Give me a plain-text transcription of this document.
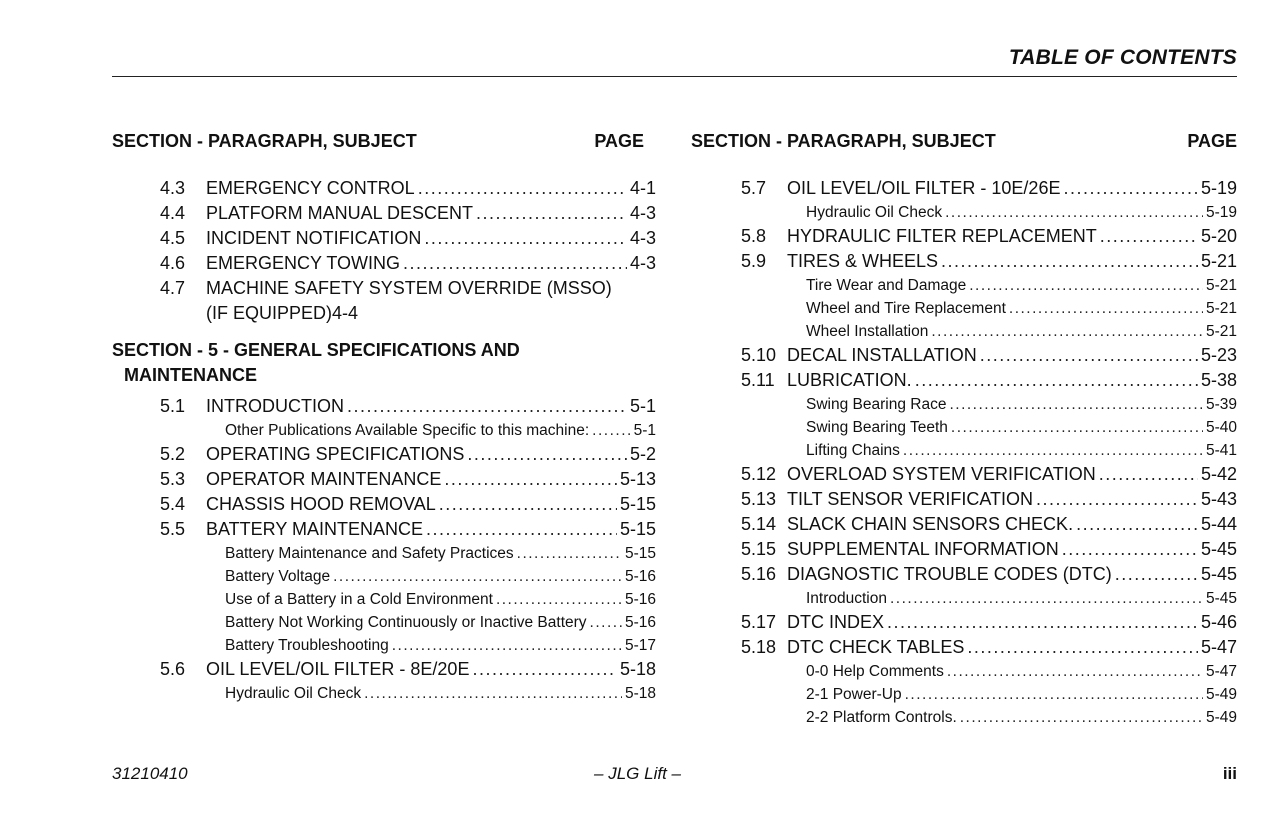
TABLE OF CONTENTS
SECTION - PARAGRAPH, SUBJECT	PAGE
4.3	EMERGENCY CONTROL .....	4-1
4.4	PLATFORM MANUAL DESCENT .....	4-3
4.5	INCIDENT NOTIFICATION .....	4-3
4.6	EMERGENCY TOWING .....	4-3
4.7	MACHINE SAFETY SYSTEM OVERRIDE (MSSO)
(IF EQUIPPED) 4-4
SECTION - 5 - GENERAL SPECIFICATIONS AND
MAINTENANCE
5.1	INTRODUCTION .....	5-1
Other Publications Available Specific to this machine: .....	5-1
5.2	OPERATING SPECIFICATIONS .....	5-2
5.3	OPERATOR MAINTENANCE .....	5-13
5.4	CHASSIS HOOD REMOVAL .....	5-15
5.5	BATTERY MAINTENANCE .....	5-15
Battery Maintenance and Safety Practices .....	5-15
Battery Voltage .....	5-16
Use of a Battery in a Cold Environment .....	5-16
Battery Not Working Continuously or Inactive Battery ..... 5-16
Battery Troubleshooting .....	5-17
5.6	OIL LEVEL/OIL FILTER - 8E/20E .....	5-18
Hydraulic Oil Check .....	5-18
SECTION - PARAGRAPH, SUBJECT	PAGE
5.7	OIL LEVEL/OIL FILTER - 10E/26E .....	5-19
Hydraulic Oil Check .....	5-19
5.8	HYDRAULIC FILTER REPLACEMENT .....	5-20
5.9	TIRES & WHEELS .....	5-21
Tire Wear and Damage .....	5-21
Wheel and Tire Replacement .....	5-21
Wheel Installation .....	5-21
5.10 DECAL INSTALLATION .....	5-23
5.11 LUBRICATION. .....	5-38
Swing Bearing Race .....	5-39
Swing Bearing Teeth .....	5-40
Lifting Chains .....	5-41
5.12 OVERLOAD SYSTEM VERIFICATION .....	5-42
5.13 TILT SENSOR VERIFICATION .....	5-43
5.14 SLACK CHAIN SENSORS CHECK. .....	5-44
5.15 SUPPLEMENTAL INFORMATION .....	5-45
5.16 DIAGNOSTIC TROUBLE CODES (DTC) .....	5-45
Introduction .....	5-45
5.17 DTC INDEX .....	5-46
5.18 DTC CHECK TABLES .....	5-47
0-0 Help Comments .....	5-47
2-1 Power-Up .....	5-49
2-2 Platform Controls. .....	5-49
31210410	– JLG Lift –	iii
